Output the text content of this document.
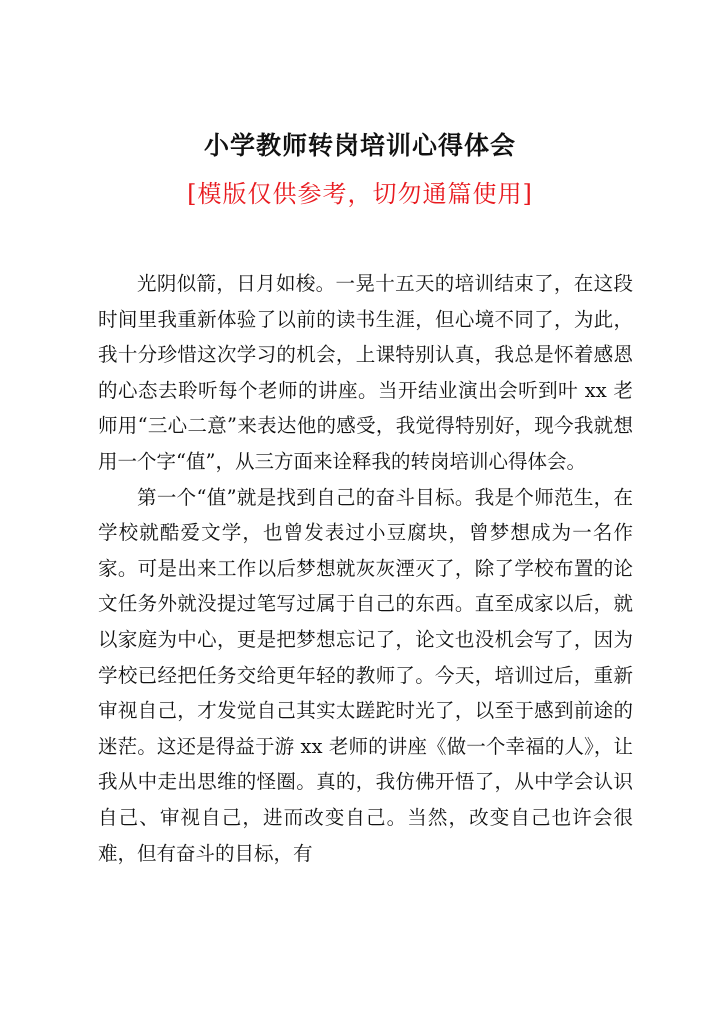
小学教师转岗培训心得体会
[模版仅供参考，切勿通篇使用]

光阴似箭，日月如梭。一晃十五天的培训结束了，在这段时间里我重新体验了以前的读书生涯，但心境不同了，为此，我十分珍惜这次学习的机会，上课特别认真，我总是怀着感恩的心态去聆听每个老师的讲座。当开结业演出会听到叶 xx 老师用“三心二意”来表达他的感受，我觉得特别好，现今我就想用一个字“值”，从三方面来诠释我的转岗培训心得体会。

第一个“值”就是找到自己的奋斗目标。我是个师范生，在学校就酷爱文学，也曾发表过小豆腐块，曾梦想成为一名作家。可是出来工作以后梦想就灰灰湮灭了，除了学校布置的论文任务外就没提过笔写过属于自己的东西。直至成家以后，就以家庭为中心，更是把梦想忘记了，论文也没机会写了，因为学校已经把任务交给更年轻的教师了。今天，培训过后，重新审视自己，才发觉自己其实太蹉跎时光了，以至于感到前途的迷茫。这还是得益于游 xx 老师的讲座《做一个幸福的人》，让我从中走出思维的怪圈。真的，我仿佛开悟了，从中学会认识自己、审视自己，进而改变自己。当然，改变自己也许会很难，但有奋斗的目标，有
